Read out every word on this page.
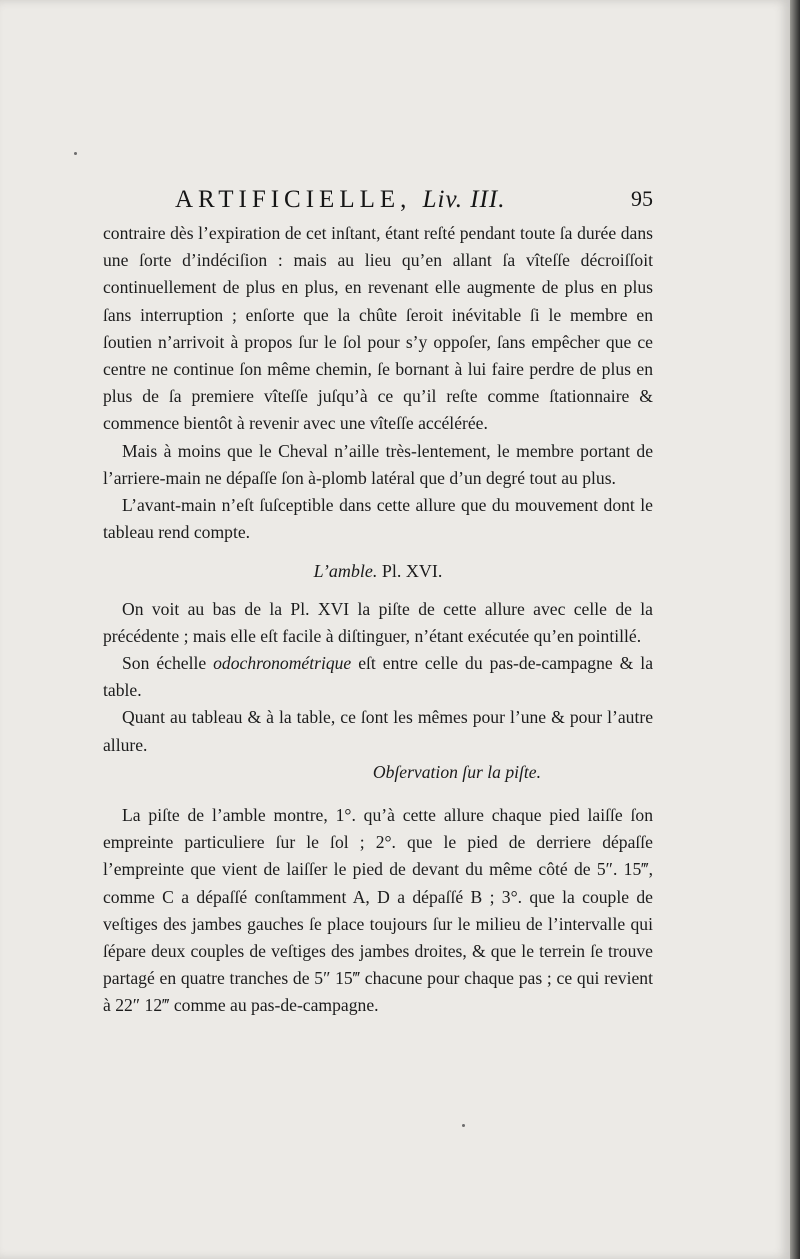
ARTIFICIELLE, Liv. III.	95

contraire dès l’expiration de cet inſtant, étant reſté pendant toute ſa durée dans une ſorte d’indéciſion : mais au lieu qu’en allant ſa vîteſſe décroiſſoit continuellement de plus en plus, en revenant elle augmente de plus en plus ſans interruption ; enſorte que la chûte ſeroit inévitable ſi le membre en ſoutien n’arrivoit à propos ſur le ſol pour s’y oppoſer, ſans empêcher que ce centre ne continue ſon même chemin, ſe bornant à lui faire perdre de plus en plus de ſa premiere vîteſſe juſqu’à ce qu’il reſte comme ſtationnaire & commence bientôt à revenir avec une vîteſſe accélérée.

Mais à moins que le Cheval n’aille très-lentement, le membre portant de l’arriere-main ne dépaſſe ſon à-plomb latéral que d’un degré tout au plus.

L’avant-main n’eſt ſuſceptible dans cette allure que du mouvement dont le tableau rend compte.

L’amble. Pl. XVI.

On voit au bas de la Pl. XVI la piſte de cette allure avec celle de la précédente ; mais elle eſt facile à diſtinguer, n’étant exécutée qu’en pointillé.

Son échelle odochronométrique eſt entre celle du pas-de-campagne & la table.

Quant au tableau & à la table, ce ſont les mêmes pour l’une & pour l’autre allure.

Obſervation ſur la piſte.

La piſte de l’amble montre, 1°. qu’à cette allure chaque pied laiſſe ſon empreinte particuliere ſur le ſol ; 2°. que le pied de derriere dépaſſe l’empreinte que vient de laiſſer le pied de devant du même côté de 5″. 15‴, comme C a dépaſſé conſtamment A, D a dépaſſé B ; 3°. que la couple de veſtiges des jambes gauches ſe place toujours ſur le milieu de l’intervalle qui ſépare deux couples de veſtiges des jambes droites, & que le terrein ſe trouve partagé en quatre tranches de 5″ 15‴ chacune pour chaque pas ; ce qui revient à 22″ 12‴ comme au pas-de-campagne.
